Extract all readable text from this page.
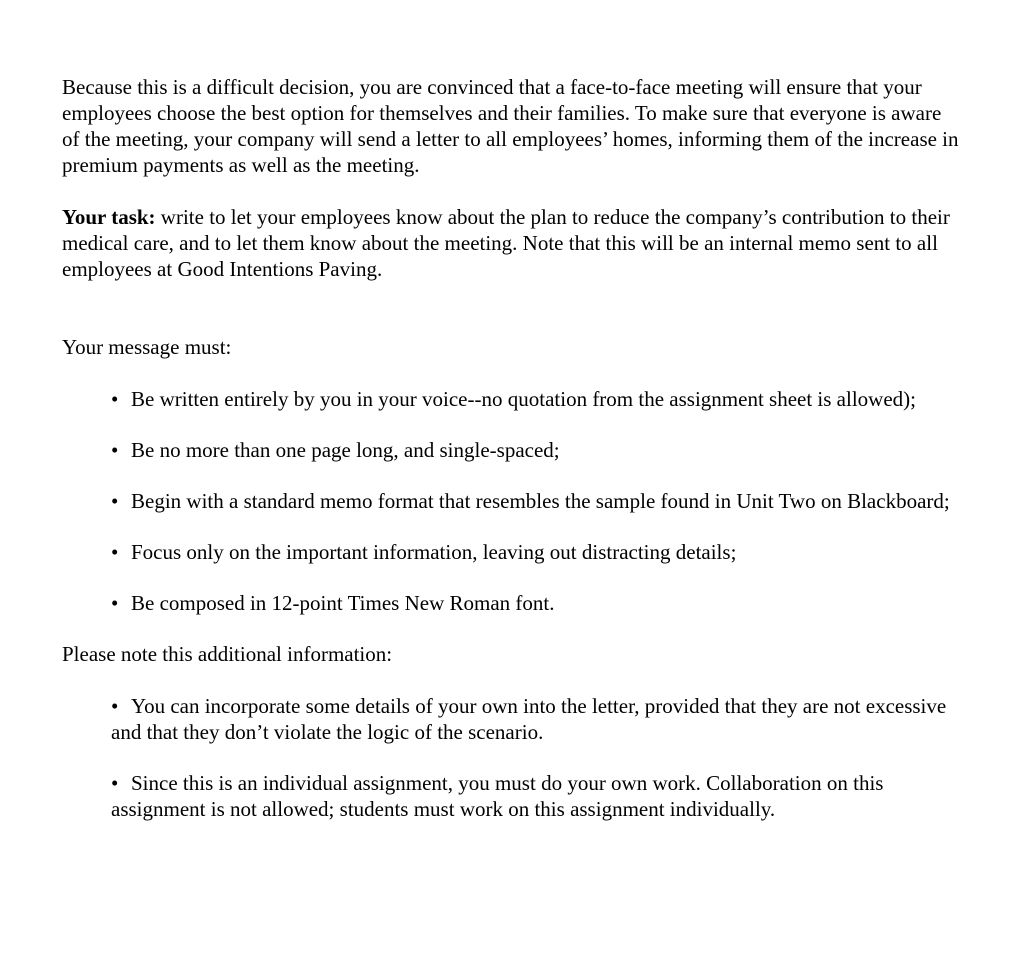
Because this is a difficult decision, you are convinced that a face-to-face meeting will ensure that your employees choose the best option for themselves and their families. To make sure that everyone is aware of the meeting, your company will send a letter to all employees’ homes, informing them of the increase in premium payments as well as the meeting.

Your task: write to let your employees know about the plan to reduce the company’s contribution to their medical care, and to let them know about the meeting. Note that this will be an internal memo sent to all employees at Good Intentions Paving.

Your message must:

• Be written entirely by you in your voice--no quotation from the assignment sheet is allowed);
• Be no more than one page long, and single-spaced;
• Begin with a standard memo format that resembles the sample found in Unit Two on Blackboard;
• Focus only on the important information, leaving out distracting details;
• Be composed in 12-point Times New Roman font.

Please note this additional information:

• You can incorporate some details of your own into the letter, provided that they are not excessive and that they don’t violate the logic of the scenario.
• Since this is an individual assignment, you must do your own work. Collaboration on this assignment is not allowed; students must work on this assignment individually.
